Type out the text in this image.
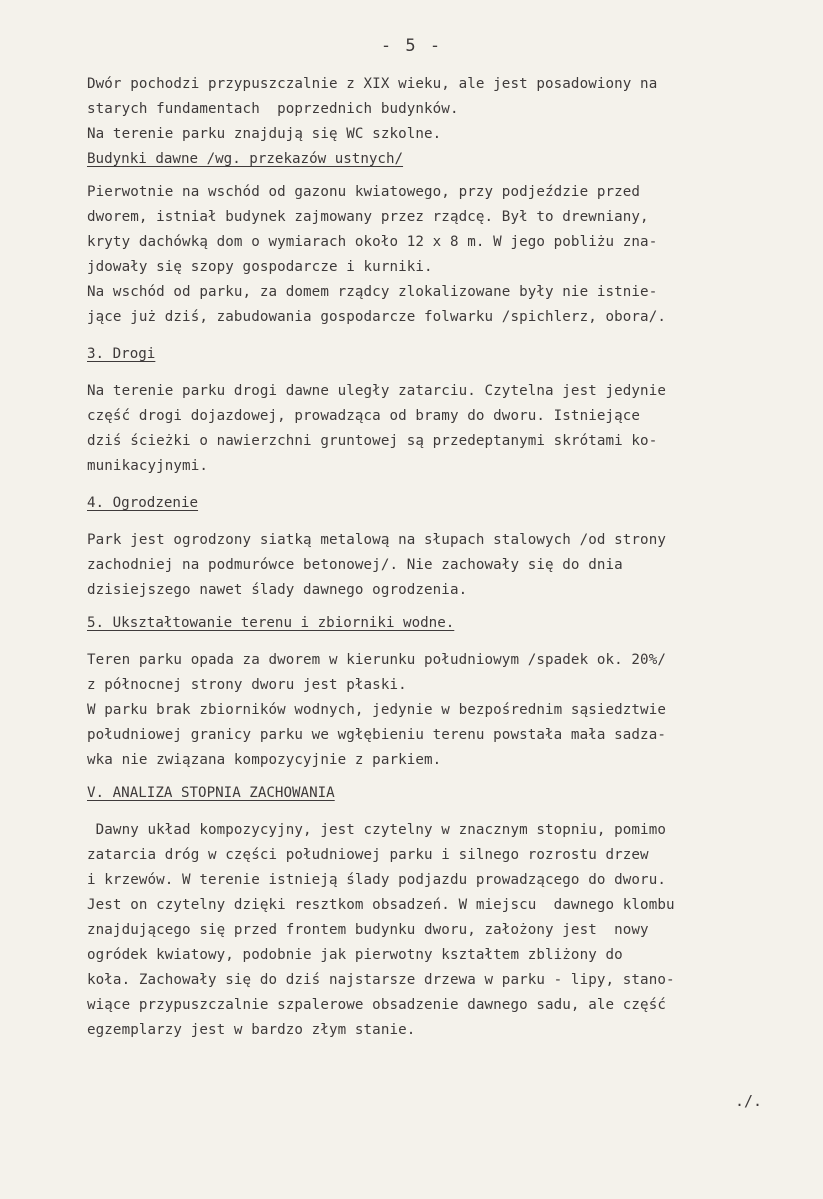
- 5 -
Dwór pochodzi przypuszczalnie z XIX wieku, ale jest posadowiony na
starych fundamentach  poprzednich budynków.
Na terenie parku znajdują się WC szkolne.
Budynki dawne /wg. przekazów ustnych/
Pierwotnie na wschód od gazonu kwiatowego, przy podjeździe przed
dworem, istniał budynek zajmowany przez rządcę. Był to drewniany,
kryty dachówką dom o wymiarach około 12 x 8 m. W jego pobliżu zna-
jdowały się szopy gospodarcze i kurniki.
Na wschód od parku, za domem rządcy zlokalizowane były nie istnie-
jące już dziś, zabudowania gospodarcze folwarku /spichlerz, obora/.
3. Drogi
Na terenie parku drogi dawne uległy zatarciu. Czytelna jest jedynie
część drogi dojazdowej, prowadząca od bramy do dworu. Istniejące
dziś ścieżki o nawierzchni gruntowej są przedeptanymi skrótami ko-
munikacyjnymi.
4. Ogrodzenie
Park jest ogrodzony siatką metalową na słupach stalowych /od strony
zachodniej na podmurówce betonowej/. Nie zachowały się do dnia
dzisiejszego nawet ślady dawnego ogrodzenia.
5. Ukształtowanie terenu i zbiorniki wodne.
Teren parku opada za dworem w kierunku południowym /spadek ok. 20%/
z północnej strony dworu jest płaski.
W parku brak zbiorników wodnych, jedynie w bezpośrednim sąsiedztwie
południowej granicy parku we wgłębieniu terenu powstała mała sadza-
wka nie związana kompozycyjnie z parkiem.
V. ANALIZA STOPNIA ZACHOWANIA
Dawny układ kompozycyjny, jest czytelny w znacznym stopniu, pomimo
zatarcia dróg w części południowej parku i silnego rozrostu drzew
i krzewów. W terenie istnieją ślady podjazdu prowadzącego do dworu.
Jest on czytelny dzięki resztkom obsadzeń. W miejscu  dawnego klombu
znajdującego się przed frontem budynku dworu, założony jest  nowy
ogródek kwiatowy, podobnie jak pierwotny kształtem zbliżony do
koła. Zachowały się do dziś najstarsze drzewa w parku - lipy, stano-
wiące przypuszczalnie szpalerowe obsadzenie dawnego sadu, ale część
egzemplarzy jest w bardzo złym stanie.
./.
